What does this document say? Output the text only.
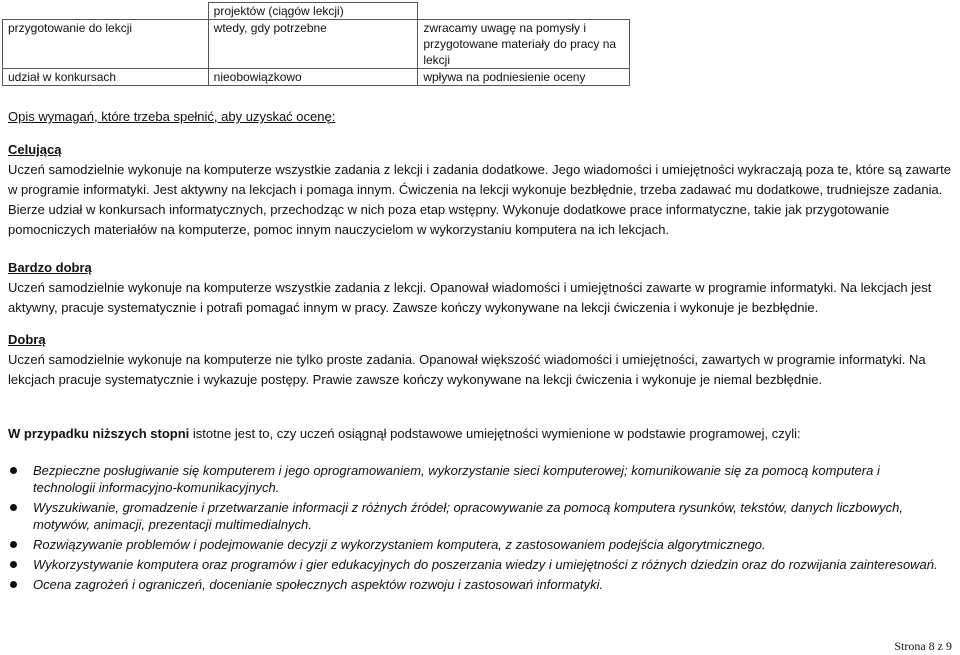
	projektów (ciągów lekcji)	
przygotowanie do lekcji	wtedy, gdy potrzebne	zwracamy uwagę na pomysły i przygotowane materiały do pracy na lekcji
udział w konkursach	nieobowiązkowo	wpływa na podniesienie oceny
Opis wymagań, które trzeba spełnić, aby uzyskać ocenę:
Celującą

Uczeń samodzielnie wykonuje na komputerze wszystkie zadania z lekcji i zadania dodatkowe. Jego wiadomości i umiejętności wykraczają poza te, które są zawarte w programie informatyki. Jest aktywny na lekcjach i pomaga innym. Ćwiczenia na lekcji wykonuje bezbłędnie, trzeba zadawać mu dodatkowe, trudniejsze zadania. Bierze udział w konkursach informatycznych, przechodząc w nich poza etap wstępny. Wykonuje dodatkowe prace informatyczne, takie jak przygotowanie pomocniczych materiałów na komputerze, pomoc innym nauczycielom w wykorzystaniu komputera na ich lekcjach.

Bardzo dobrą

Uczeń samodzielnie wykonuje na komputerze wszystkie zadania z lekcji. Opanował wiadomości i umiejętności zawarte w programie informatyki. Na lekcjach jest aktywny, pracuje systematycznie i potrafi pomagać innym w pracy. Zawsze kończy wykonywane na lekcji ćwiczenia i wykonuje je bezbłędnie.

Dobrą

Uczeń samodzielnie wykonuje na komputerze nie tylko proste zadania. Opanował większość wiadomości i umiejętności, zawartych w programie informatyki. Na lekcjach pracuje systematycznie i wykazuje postępy. Prawie zawsze kończy wykonywane na lekcji ćwiczenia i wykonuje je niemal bezbłędnie.

W przypadku niższych stopni istotne jest to, czy uczeń osiągnął podstawowe umiejętności wymienione w podstawie programowej, czyli:
Bezpieczne posługiwanie się komputerem i jego oprogramowaniem, wykorzystanie sieci komputerowej; komunikowanie się za pomocą komputera i technologii informacyjno-komunikacyjnych.
Wyszukiwanie, gromadzenie i przetwarzanie informacji z różnych źródeł; opracowywanie za pomocą komputera rysunków, tekstów, danych liczbowych, motywów, animacji, prezentacji multimedialnych.
Rozwiązywanie problemów i podejmowanie decyzji z wykorzystaniem komputera, z zastosowaniem podejścia algorytmicznego.
Wykorzystywanie komputera oraz programów i gier edukacyjnych do poszerzania wiedzy i umiejętności z różnych dziedzin oraz do rozwijania zainteresowań.
Ocena zagrożeń i ograniczeń, docenianie społecznych aspektów rozwoju i zastosowań informatyki.
Strona 8 z 9
